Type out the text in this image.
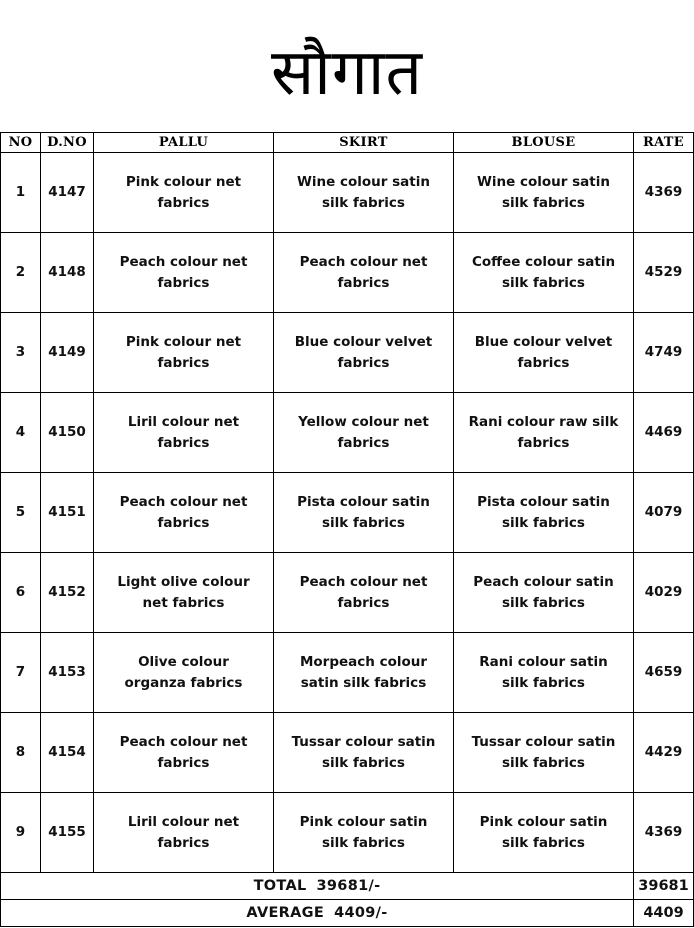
सौगात
NO	D.NO	PALLU	SKIRT	BLOUSE	RATE
1	4147	Pink colour net fabrics	Wine colour satin silk fabrics	Wine colour satin silk fabrics	4369
2	4148	Peach colour net fabrics	Peach colour net fabrics	Coffee colour satin silk fabrics	4529
3	4149	Pink colour net fabrics	Blue colour velvet fabrics	Blue colour velvet fabrics	4749
4	4150	Liril colour net fabrics	Yellow colour net fabrics	Rani colour raw silk fabrics	4469
5	4151	Peach colour net fabrics	Pista colour satin silk fabrics	Pista colour satin silk fabrics	4079
6	4152	Light olive colour net fabrics	Peach colour net fabrics	Peach colour satin silk fabrics	4029
7	4153	Olive colour organza fabrics	Morpeach colour satin silk fabrics	Rani colour satin silk fabrics	4659
8	4154	Peach colour net fabrics	Tussar colour satin silk fabrics	Tussar colour satin silk fabrics	4429
9	4155	Liril colour net fabrics	Pink colour satin silk fabrics	Pink colour satin silk fabrics	4369
TOTAL 39681/-					39681
AVERAGE 4409/-					4409
